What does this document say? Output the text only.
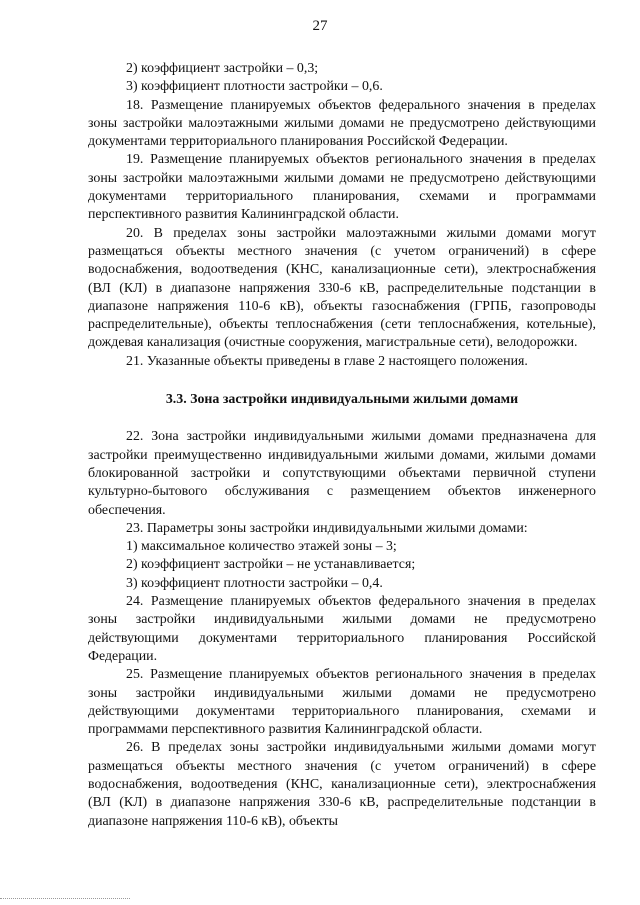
27

2) коэффициент застройки – 0,3;

3) коэффициент плотности застройки – 0,6.

18. Размещение планируемых объектов федерального значения в пределах зоны застройки малоэтажными жилыми домами не предусмотрено действующими документами территориального планирования Российской Федерации.

19. Размещение планируемых объектов регионального значения в пределах зоны застройки малоэтажными жилыми домами не предусмотрено действующими документами территориального планирования, схемами и программами перспективного развития Калининградской области.

20. В пределах зоны застройки малоэтажными жилыми домами могут размещаться объекты местного значения (с учетом ограничений) в сфере водоснабжения, водоотведения (КНС, канализационные сети), электроснабжения (ВЛ (КЛ) в диапазоне напряжения 330-6 кВ, распределительные подстанции в диапазоне напряжения 110-6 кВ), объекты газоснабжения (ГРПБ, газопроводы распределительные), объекты теплоснабжения (сети теплоснабжения, котельные), дождевая канализация (очистные сооружения, магистральные сети), велодорожки.

21. Указанные объекты приведены в главе 2 настоящего положения.

3.3. Зона застройки индивидуальными жилыми домами

22. Зона застройки индивидуальными жилыми домами предназначена для застройки преимущественно индивидуальными жилыми домами, жилыми домами блокированной застройки и сопутствующими объектами первичной ступени культурно-бытового обслуживания с размещением объектов инженерного обеспечения.

23. Параметры зоны застройки индивидуальными жилыми домами:

1) максимальное количество этажей зоны – 3;

2) коэффициент застройки – не устанавливается;

3) коэффициент плотности застройки – 0,4.

24. Размещение планируемых объектов федерального значения в пределах зоны застройки индивидуальными жилыми домами не предусмотрено действующими документами территориального планирования Российской Федерации.

25. Размещение планируемых объектов регионального значения в пределах зоны застройки индивидуальными жилыми домами не предусмотрено действующими документами территориального планирования, схемами и программами перспективного развития Калининградской области.

26. В пределах зоны застройки индивидуальными жилыми домами могут размещаться объекты местного значения (с учетом ограничений) в сфере водоснабжения, водоотведения (КНС, канализационные сети), электроснабжения (ВЛ (КЛ) в диапазоне напряжения 330-6 кВ, распределительные подстанции в диапазоне напряжения 110-6 кВ), объекты
